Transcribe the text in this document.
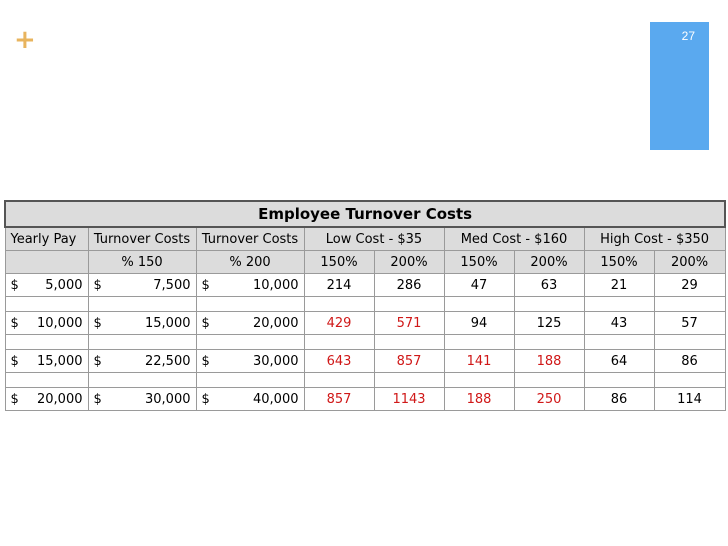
+	27
Employee Turnover Costs								
Yearly Pay	Turnover Costs	Turnover Costs	Low Cost - $35		Med Cost - $160		High Cost - $350	
	% 150	% 200	150%	200%	150%	200%	150%	200%

$ 5,000	$ 7,500	$ 10,000	214	286	47	63	21	29

$ 10,000	$ 15,000	$ 20,000	429	571	94	125	43	57

$ 15,000	$ 22,500	$ 30,000	643	857	141	188	64	86

$ 20,000	$ 30,000	$ 40,000	857	1143	188	250	86	114
